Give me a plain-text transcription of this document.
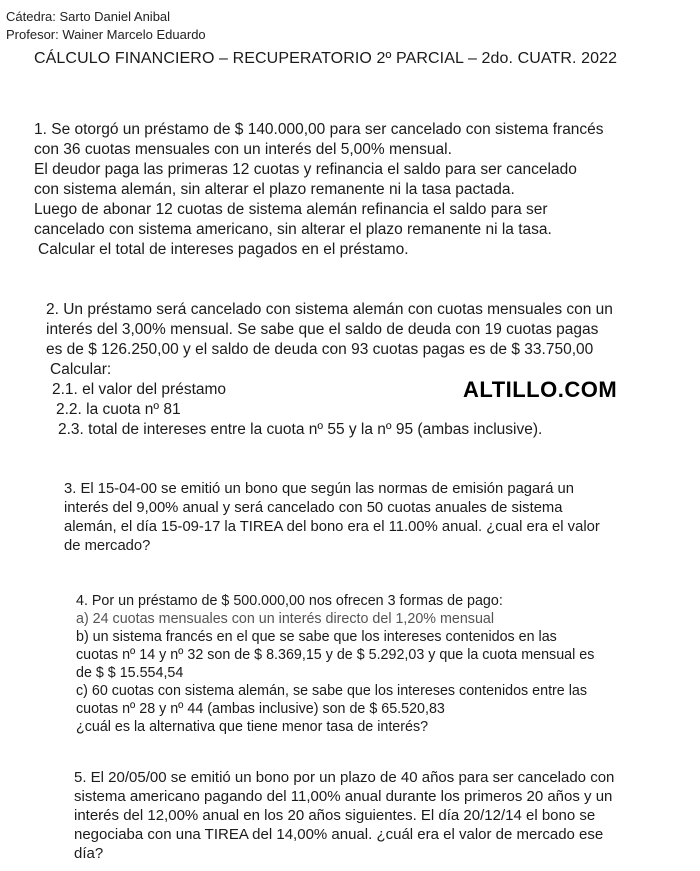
Cátedra: Sarto Daniel Anibal
Profesor: Wainer Marcelo Eduardo
CÁLCULO FINANCIERO – RECUPERATORIO 2º PARCIAL – 2do. CUATR. 2022

1. Se otorgó un préstamo de $ 140.000,00 para ser cancelado con sistema francés

con 36 cuotas mensuales con un interés del 5,00% mensual.

El deudor paga las primeras 12 cuotas y refinancia el saldo para ser cancelado

con sistema alemán, sin alterar el plazo remanente ni la tasa pactada.

Luego de abonar 12 cuotas de sistema alemán refinancia el saldo para ser

cancelado con sistema americano, sin alterar el plazo remanente ni la tasa.

Calcular el total de intereses pagados en el préstamo.

2. Un préstamo será cancelado con sistema alemán con cuotas mensuales con un

interés del 3,00% mensual. Se sabe que el saldo de deuda con 19 cuotas pagas

es de $ 126.250,00 y el saldo de deuda con 93 cuotas pagas es de $ 33.750,00

Calcular:

2.1. el valor del préstamo

2.2. la cuota nº 81

2.3. total de intereses entre la cuota nº 55 y la nº 95 (ambas inclusive).

ALTILLO.COM

3. El 15-04-00 se emitió un bono que según las normas de emisión pagará un

interés del 9,00% anual y será cancelado con 50 cuotas anuales de sistema

alemán, el día 15-09-17 la TIREA del bono era el 11.00% anual. ¿cual era el valor

de mercado?

4. Por un préstamo de $ 500.000,00 nos ofrecen 3 formas de pago:

a) 24 cuotas mensuales con un interés directo del 1,20% mensual

b) un sistema francés en el que se sabe que los intereses contenidos en las

cuotas nº 14 y nº 32 son de $ 8.369,15 y de $ 5.292,03 y que la cuota mensual es

de $ $ 15.554,54

c) 60 cuotas con sistema alemán, se sabe que los intereses contenidos entre las

cuotas nº 28 y nº 44 (ambas inclusive) son de $ 65.520,83

¿cuál es la alternativa que tiene menor tasa de interés?

5. El 20/05/00 se emitió un bono por un plazo de 40 años para ser cancelado con

sistema americano pagando del 11,00% anual durante los primeros 20 años y un

interés del 12,00% anual en los 20 años siguientes. El día 20/12/14 el bono se

negociaba con una TIREA del 14,00% anual. ¿cuál era el valor de mercado ese

día?
